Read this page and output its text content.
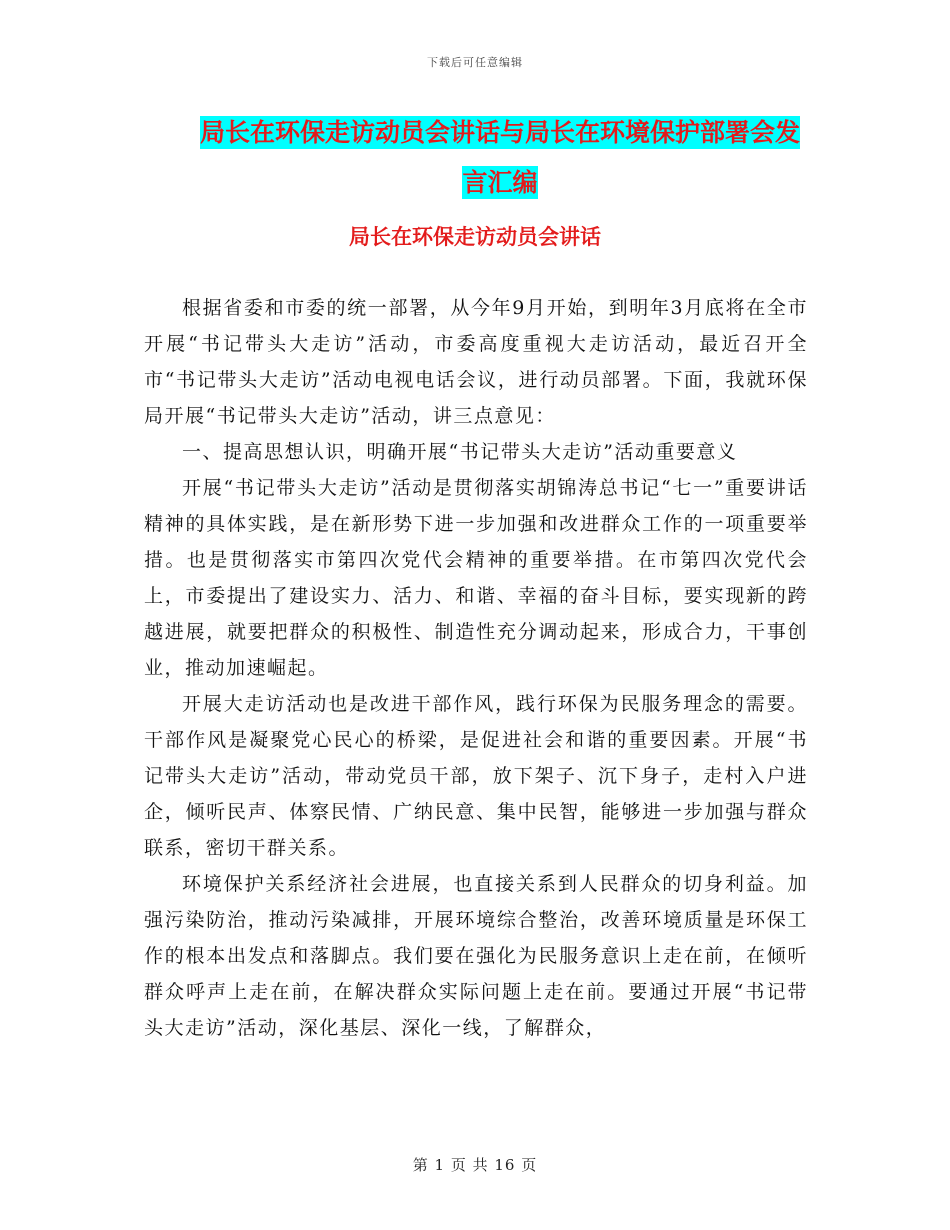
下载后可任意编辑
局长在环保走访动员会讲话与局长在环境保护部署会发言汇编
局长在环保走访动员会讲话

根据省委和市委的统一部署，从今年9月开始，到明年3月底将在全市开展“书记带头大走访”活动，市委高度重视大走访活动，最近召开全市“书记带头大走访”活动电视电话会议，进行动员部署。下面，我就环保局开展“书记带头大走访”活动，讲三点意见：

一、提高思想认识，明确开展“书记带头大走访”活动重要意义

开展“书记带头大走访”活动是贯彻落实胡锦涛总书记“七一”重要讲话精神的具体实践，是在新形势下进一步加强和改进群众工作的一项重要举措。也是贯彻落实市第四次党代会精神的重要举措。在市第四次党代会上，市委提出了建设实力、活力、和谐、幸福的奋斗目标，要实现新的跨越进展，就要把群众的积极性、制造性充分调动起来，形成合力，干事创业，推动加速崛起。

开展大走访活动也是改进干部作风，践行环保为民服务理念的需要。干部作风是凝聚党心民心的桥梁，是促进社会和谐的重要因素。开展“书记带头大走访”活动，带动党员干部，放下架子、沉下身子，走村入户进企，倾听民声、体察民情、广纳民意、集中民智，能够进一步加强与群众联系，密切干群关系。

环境保护关系经济社会进展，也直接关系到人民群众的切身利益。加强污染防治，推动污染减排，开展环境综合整治，改善环境质量是环保工作的根本出发点和落脚点。我们要在强化为民服务意识上走在前，在倾听群众呼声上走在前，在解决群众实际问题上走在前。要通过开展“书记带头大走访”活动，深化基层、深化一线，了解群众，

第 1 页 共 16 页
